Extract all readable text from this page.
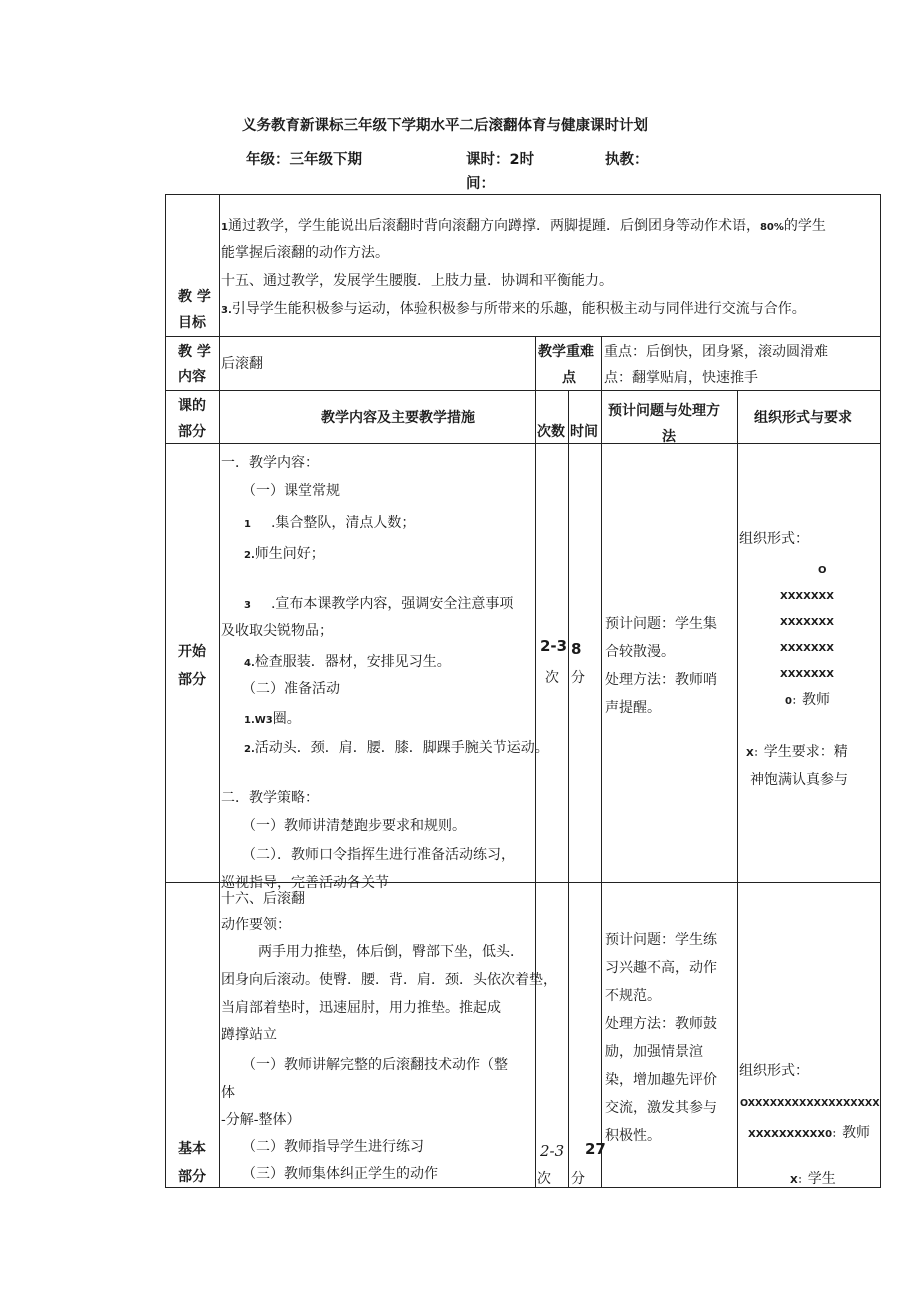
义务教育新课标三年级下学期水平二后滚翻体育与健康课时计划
年级：三年级下期	课时：2时
间：
执教：
教 学
目标
1通过教学，学生能说出后滚翻时背向滚翻方向蹲撑．两脚提踵．后倒团身等动作术语，80%的学生
能掌握后滚翻的动作方法。
十五、通过教学，发展学生腰腹．上肢力量．协调和平衡能力。
3.引导学生能积极参与运动，体验积极参与所带来的乐趣，能积极主动与同伴进行交流与合作。
教 学
内容
后滚翻
教学重难
点
重点：后倒快，团身紧，滚动圆滑难
点：翻掌贴肩，快速推手
课的
部分
教学内容及主要教学措施
次数 时间
预计问题与处理方
法
组织形式与要求
开始
部分
一．教学内容：
（一）课堂常规
1 .集合整队，清点人数；
2.师生问好；
3 .宣布本课教学内容，强调安全注意事项
及收取尖锐物品；
4.检查服装．器材，安排见习生。
（二）准备活动
1.W3圈。
2.活动头．颈．肩．腰．膝．脚踝手腕关节运动。
二．教学策略：
（一）教师讲清楚跑步要求和规则。
（二）．教师口令指挥生进行准备活动练习，
巡视指导，完善活动各关节
2-3
次
8
分
预计问题：学生集
合较散漫。
处理方法：教师哨
声提醒。
组织形式：
O
XXXXXXX
XXXXXXX
XXXXXXX
XXXXXXX
0：教师
X：学生要求：精
神饱满认真参与
基本
部分
十六、后滚翻
动作要领：
两手用力推垫，体后倒，臀部下坐，低头．
团身向后滚动。使臀．腰．背．肩．颈．头依次着垫，
当肩部着垫时，迅速屈肘，用力推垫。推起成
蹲撑站立
（一）教师讲解完整的后滚翻技术动作（整
体
-分解-整体）
（二）教师指导学生进行练习
（三）教师集体纠正学生的动作
2-3
次
27
分
预计问题：学生练
习兴趣不高，动作
不规范。
处理方法：教师鼓
励，加强情景渲
染，增加趣先评价
交流，激发其参与
积极性。
组织形式：
OXXXXXXXXXXXXXXXXXX
XXXXXXXXXX0：教师
X：学生
